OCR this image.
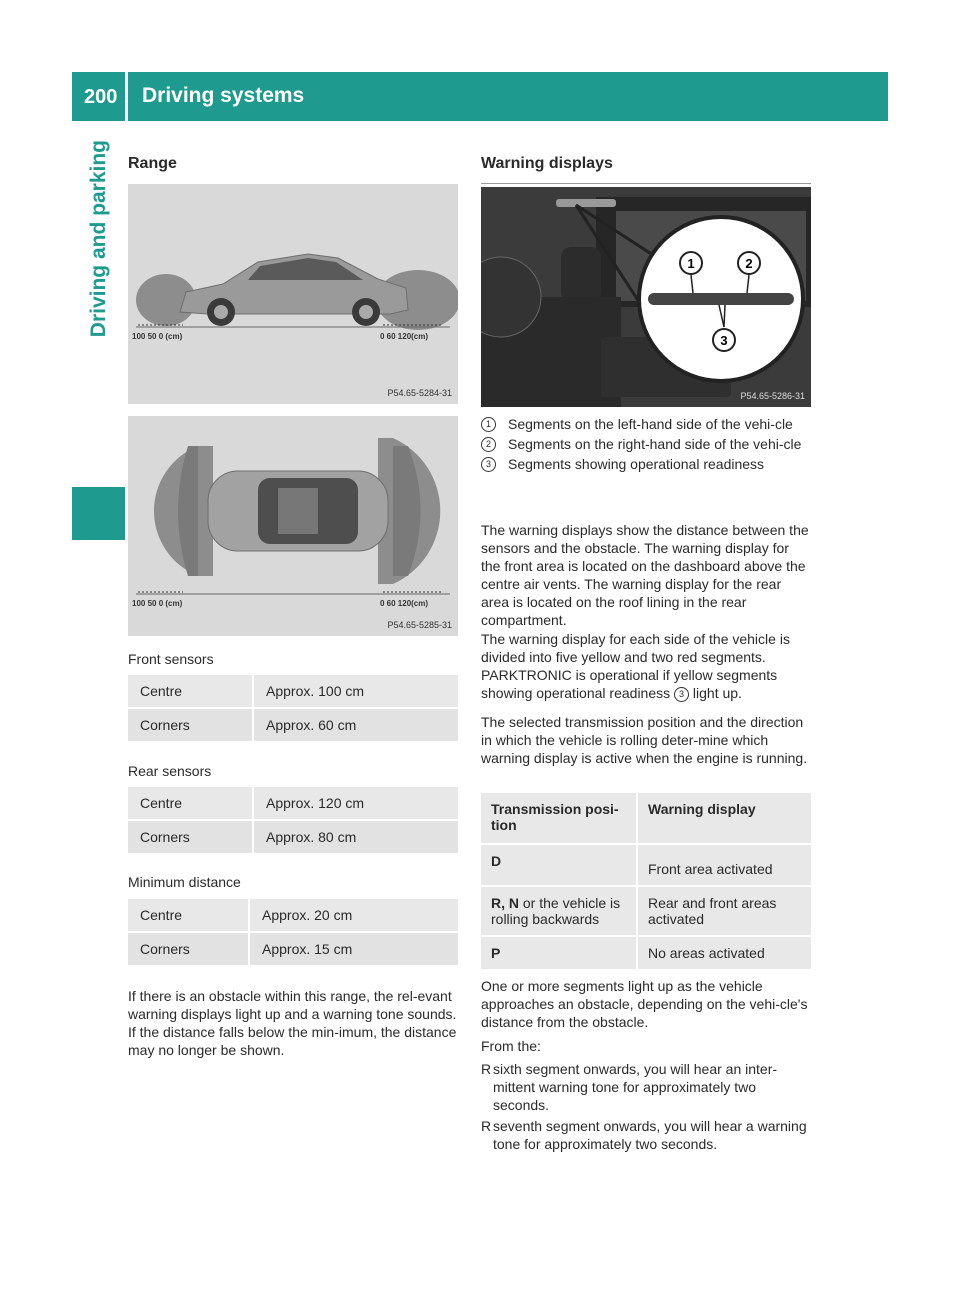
200 Driving systems
Driving and parking	Range
100 50 0 (cm)	0 60 120(cm)
P54.65-5284-31
100 50 0 (cm)	0 60 120(cm)
P54.65-5285-31
Front sensors
Centre	Approx. 100 cm
Corners	Approx. 60 cm
Rear sensors
Centre	Approx. 120 cm
Corners	Approx. 80 cm
Minimum distance
Centre	Approx. 20 cm
Corners	Approx. 15 cm

If there is an obstacle within this range, the rel-evant warning displays light up and a warning tone sounds. If the distance falls below the min-imum, the distance may no longer be shown.

Warning displays
1	2
3
P54.65-5286-31
1	Segments on the left-hand side of the vehi-cle
2	Segments on the right-hand side of the vehi-cle
3	Segments showing operational readiness

The warning displays show the distance between the sensors and the obstacle. The warning display for the front area is located on the dashboard above the centre air vents. The warning display for the rear area is located on the roof lining in the rear compartment.

The warning display for each side of the vehicle is divided into five yellow and two red segments. PARKTRONIC is operational if yellow segments showing operational readiness 3 light up.

The selected transmission position and the direction in which the vehicle is rolling deter-mine which warning display is active when the engine is running.

Transmission posi-tion	Warning display
D	Front area activated
R, N or the vehicle is rolling backwards	Rear and front areas activated
P	No areas activated

One or more segments light up as the vehicle approaches an obstacle, depending on the vehi-cle's distance from the obstacle.

From the:

R sixth segment onwards, you will hear an inter-mittent warning tone for approximately two seconds.
R seventh segment onwards, you will hear a warning tone for approximately two seconds.
